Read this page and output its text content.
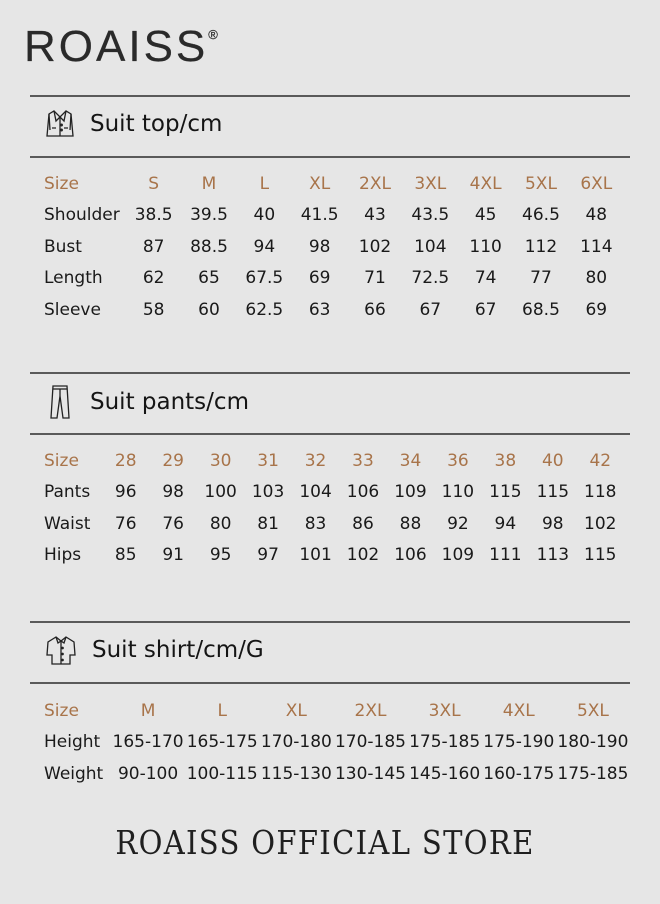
ROAISS®
Suit top/cm
Size	S	M	L	XL	2XL	3XL	4XL	5XL	6XL
Shoulder	38.5	39.5	40	41.5	43	43.5	45	46.5	48
Bust	87	88.5	94	98	102	104	110	112	114
Length	62	65	67.5	69	71	72.5	74	77	80
Sleeve	58	60	62.5	63	66	67	67	68.5	69
Suit pants/cm
Size	28	29	30	31	32	33	34	36	38	40	42
Pants	96	98	100	103	104	106	109	110	115	115	118
Waist	76	76	80	81	83	86	88	92	94	98	102
Hips	85	91	95	97	101	102	106	109	111	113	115
Suit shirt/cm/G
Size	M	L	XL	2XL	3XL	4XL	5XL
Height	165-170	165-175	170-180	170-185	175-185	175-190	180-190
Weight	90-100	100-115	115-130	130-145	145-160	160-175	175-185
ROAISS OFFICIAL STORE
